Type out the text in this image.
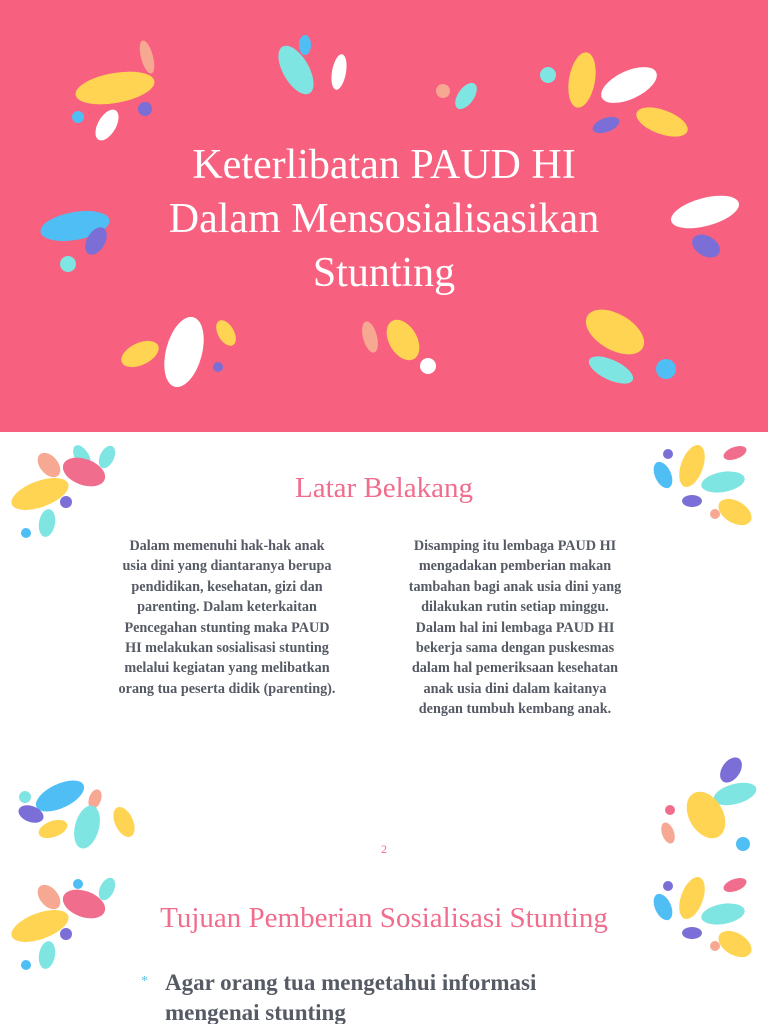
Keterlibatan PAUD HI
Dalam Mensosialisasikan
Stunting
Latar Belakang
Dalam memenuhi hak-hak anak
usia dini yang diantaranya berupa
pendidikan, kesehatan, gizi dan
parenting. Dalam keterkaitan
Pencegahan stunting maka PAUD
HI melakukan sosialisasi stunting
melalui kegiatan yang melibatkan
orang tua peserta didik (parenting).
Disamping itu lembaga PAUD HI
mengadakan pemberian makan
tambahan bagi anak usia dini yang
dilakukan rutin setiap minggu.
Dalam hal ini lembaga PAUD HI
bekerja sama dengan puskesmas
dalam hal pemeriksaan kesehatan
anak usia dini dalam kaitanya
dengan tumbuh kembang anak.
2
Tujuan Pemberian Sosialisasi Stunting
* Agar orang tua mengetahui informasi
mengenai stunting
